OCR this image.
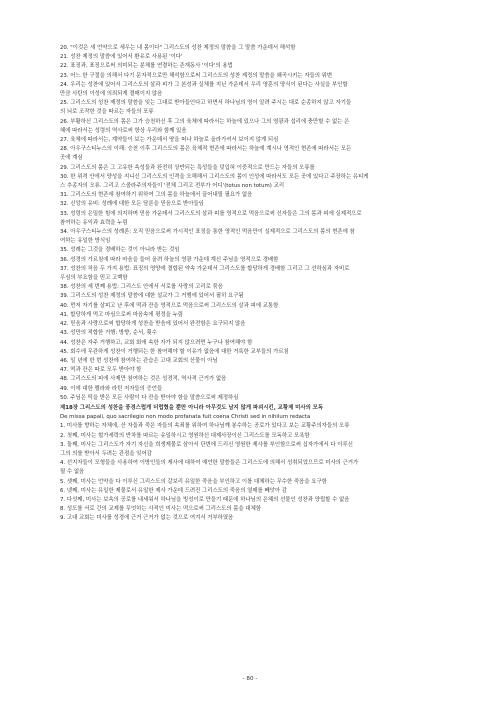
20. "이것은 새 언약으로 세우는 내 몸이다" 그리스도의 성찬 제정의 말씀을 그 말씀 가운데서 해석함
21. 성찬 제정의 말씀에 있어서 환유로 사용된 '이다'
22. 표징과, 표징으로써 의미되는 분체를 연결하는 존재동사 '이다'의 용법
23. 어느 한 구절을 의해서 다기 문자적으로만 해석함으로써 그리스도의 성찬 제정의 말씀을 왜곡시키는 자들의 위변
24. 우리는 성찬에 있어서 그리스도의 살과 피가 그 본성과 실체를 지닌 가운데서 우리 영혼의 양식이 된다는 사실을 부인할
만큼 사탄의 이성에 의뢰되게 결매이지 않음
25. 그리스도의 성찬 제정의 말씀을 잊는 그대로 받아들인다고 하면서 하나님의 영이 알려 주시는 대로 순종하지 않고 자기들
의 뇌로 조작한 것을 따르는 자들의 포류
26. 부활하신 그리스도의 몸은 그가 승천하신 후 그의 육체에 따라서는 하늘에 있으나 그의 영광과 섭리에 충만할 수 없는 은
혜에 따라서는 성령의 역사로써 항상 우리와 함께 있음
27. 육체에 따라서는, 계약들이 보는 가운데서 땅을 떠나 하늘로 올라가셔서 보이지 않게 되심
28. 아우구스티누스의 이해: 승천 이후 그리스도의 몸은 육체적 현존에 따라서는 하늘에 계시나 영적인 현존에 따라서는 모든
곳에 계심
29. 그리스도의 몸은 그 고유한 속성들과 완전히 상반되는 특성들을 덧입혀 이중적으로 만드는 자들의 오류를
30. 한 위격 안에서 양성을 지니신 그리스도의 인격을 오해해서 그리스도의 몸이 인성에 따라서도 모든 곳에 있다고 주장하는 유티케
스 추종자의 오류. 그리고 스콜라주의자들이 '전체 그리고 전부가 어디'(totus non totum) 교리
31. 그리스도의 현존에 참여하기 위하여 그의 몸을 하늘에서 끌어내릴 필요가 없음
32. 신앙의 유비: 성례에 대한 모든 담론을 믿음으로 받아들임
33. 성령의 은밀한 힘에 의지하며 믿음 가운데서 그리스도의 살과 피를 영적으로 먹음으로써 신자들은 그의 몸과 피에 실제적으로
참여하는 유익과 효력을 누림
34. 아우구스티누스의 성례론: 오직 믿음으로써 가시적인 표징을 통한 영적인 먹음만이 실제적으로 그리스도의 몸의 현존에 참
여하는 유일한 방식임
35. 성례는 그것을 경배하는 것이 아니라 받는 것임
36. 성경의 가르침에 따라 마음을 들어 올려 하늘의 영광 가운데 계신 주님을 영적으로 경배함
37. 성찬의 처음 두 가지 용법: 표징의 영양에 결합된 약속 가운데서 그리스도를 합당하게 경배함 그리고 그 선하심과 자비로
우심의 부요함을 믿고 고백함
38. 성찬의 세 번째 용법: 그리스도 안에서 서로를 사랑의 고리로 묶음
39. 그리스도의 성찬 제정의 말씀에 대한 설교가 그 거행에 있어서 필히 요구됨
40. 먼저 자기를 살피고 난 후에 떡과 잔을 영적으로 먹음으로써 그리스도의 살과 피에 교통함
41. 합당하게 먹고 마심으로써 마음속에 평정을 누림
42. 믿음과 사랑으로써 합당하게 성찬을 받음에 있어서 완전함은 요구되지 않음
43. 성만의 적합한 거행: 방향, 순서, 횟수
44. 성찬은 자주 거행하고, 교회 회에 속한 자가 되지 않으려면 누구나 참여해야 함
45. 회수에 무관하게 성찬이 거행되는 한 참여해야 할 이유가 없음에 대한 거룩한 교부들의 가르침
46. 일 년에 한 번 성찬에 참여하는 관습은 고대 교회의 산물이 아님
47. 떡과 잔은 따로 모두 받아야 함
48. 그리스도의 피에 사제만 참여하는 것은 성경적, 역사적 근거가 없음
49. 이에 대한 펠라와 라틴 저자들의 증언들
50. 주님은 떡을 받은 모든 사람이 다 잔을 받아야 함을 말씀으로써 제정하심
제18장 그리스도의 성찬을 풍경스럽게 더럽혔을 뿐만 아니라 아무것도 남지 않게 파괴시킨, 교황제 미사의 모독
De missa papali, quo sacrilegio non modo profanata fuit coena Christi sed in nihilum redacta
1. 미사를 향하는 자체에, 산 자들과 죽은 자들의 속죄를 위하여 하나님께 봉수하는 공로가 있다고 보는 교황주의자들의 오류
2. 첫째, 미사는 헐가세력의 반차를 따르는 유일하시고 영원하신 대제사장이신 그리스도를 모독하고 모욕함
3. 둘째, 미사는 그리스도가 자기 자신을 희생제물로 삼아서 단번에 드리신 영원한 제사를 부인함으로써 십자가에서 다 이루신
그의 의를 받아서 두려는 관점을 잊어감
4. 선지자들이 모형들을 사용하여 이방인들의 제사에 대하여 예언한 말씀들은 그리스도에 의해서 성취되었으므로 미사의 근거가
될 수 없음
5. 셋째, 미사는 언약을 다 이루신 그리스도의 갈보리 유일한 죽음을 부인하고 이를 대체하는 무수한 죽음을 요구함
6. 넷째, 미사는 유일한 제물로서 유일한 제사 가운데 드려진 그리스도의 죽음의 열매를 빼앗아 감
7. 다섯째, 미사는 보속의 공로를 내세워서 하나님을 빙성이로 만들기 때문에 하나님의 은혜의 선물인 성찬과 양립할 수 없음
8. 성도를 서로 간의 교제를 무엇하는 사적인 미사는 떡으로써 그리스도의 몸을 대체함
9. 고대 교회는 미사를 성경에 근거 근거가 없는 것으로 여겨서 거부하였음
- 80 -
